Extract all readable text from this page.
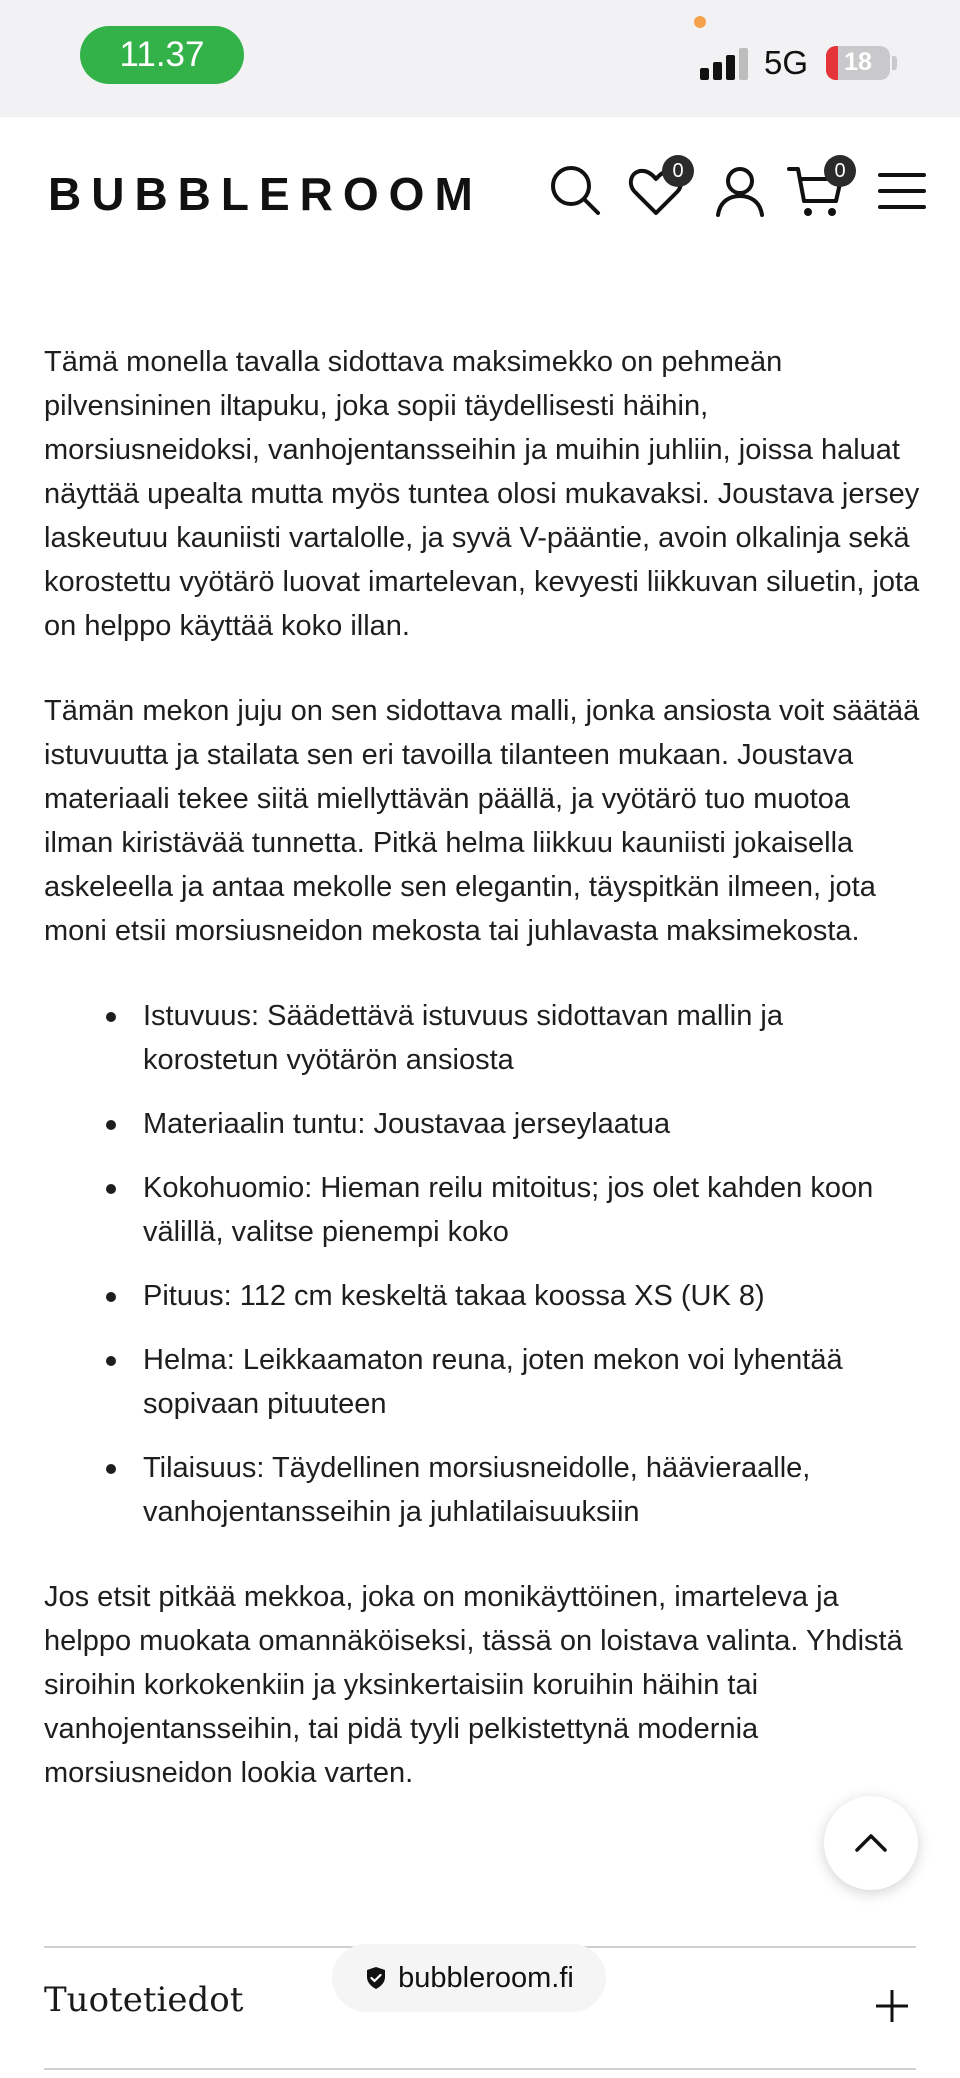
11.37	5G	18
BUBBLEROOM	0	0

Tämä monella tavalla sidottava maksimekko on pehmeän pilvensininen iltapuku, joka sopii täydellisesti häihin, morsiusneidoksi, vanhojentansseihin ja muihin juhliin, joissa haluat näyttää upealta mutta myös tuntea olosi mukavaksi. Joustava jersey laskeutuu kauniisti vartalolle, ja syvä V-pääntie, avoin olkalinja sekä korostettu vyötärö luovat imartelevan, kevyesti liikkuvan siluetin, jota on helppo käyttää koko illan.

Tämän mekon juju on sen sidottava malli, jonka ansiosta voit säätää istuvuutta ja stailata sen eri tavoilla tilanteen mukaan. Joustava materiaali tekee siitä miellyttävän päällä, ja vyötärö tuo muotoa ilman kiristävää tunnetta. Pitkä helma liikkuu kauniisti jokaisella askeleella ja antaa mekolle sen elegantin, täyspitkän ilmeen, jota moni etsii morsiusneidon mekosta tai juhlavasta maksimekosta.

Istuvuus: Säädettävä istuvuus sidottavan mallin ja korostetun vyötärön ansiosta
Materiaalin tuntu: Joustavaa jerseylaatua
Kokohuomio: Hieman reilu mitoitus; jos olet kahden koon välillä, valitse pienempi koko
Pituus: 112 cm keskeltä takaa koossa XS (UK 8)
Helma: Leikkaamaton reuna, joten mekon voi lyhentää sopivaan pituuteen
Tilaisuus: Täydellinen morsiusneidolle, häävieraalle, vanhojentansseihin ja juhlatilaisuuksiin

Jos etsit pitkää mekkoa, joka on monikäyttöinen, imarteleva ja helppo muokata omannäköiseksi, tässä on loistava valinta. Yhdistä siroihin korkokenkiin ja yksinkertaisiin koruihin häihin tai vanhojentansseihin, tai pidä tyyli pelkistettynä modernia morsiusneidon lookia varten.

Tuotetiedot
bubbleroom.fi
